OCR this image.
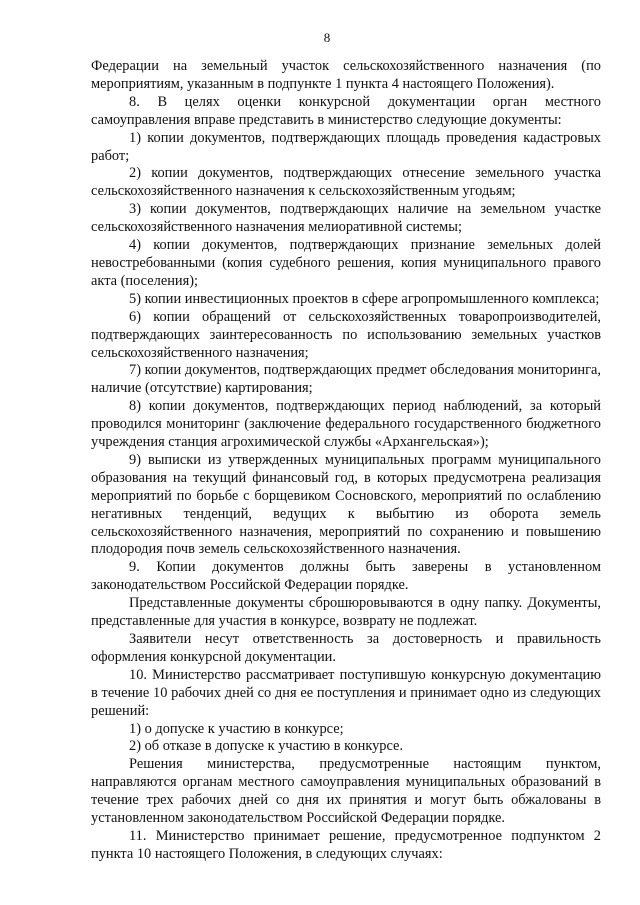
8

Федерации на земельный участок сельскохозяйственного назначения (по мероприятиям, указанным в подпункте 1 пункта 4 настоящего Положения).

8. В целях оценки конкурсной документации орган местного самоуправления вправе представить в министерство следующие документы:

1) копии документов, подтверждающих площадь проведения кадастровых работ;

2) копии документов, подтверждающих отнесение земельного участка сельскохозяйственного назначения к сельскохозяйственным угодьям;

3) копии документов, подтверждающих наличие на земельном участке сельскохозяйственного назначения мелиоративной системы;

4) копии документов, подтверждающих признание земельных долей невостребованными (копия судебного решения, копия муниципального правого акта (поселения);

5) копии инвестиционных проектов в сфере агропромышленного комплекса;

6) копии обращений от сельскохозяйственных товаропроизводителей, подтверждающих заинтересованность по использованию земельных участков сельскохозяйственного назначения;

7) копии документов, подтверждающих предмет обследования мониторинга, наличие (отсутствие) картирования;

8) копии документов, подтверждающих период наблюдений, за который проводился мониторинг (заключение федерального государственного бюджетного учреждения станция агрохимической службы «Архангельская»);

9) выписки из утвержденных муниципальных программ муниципального образования на текущий финансовый год, в которых предусмотрена реализация мероприятий по борьбе с борщевиком Сосновского, мероприятий по ослаблению негативных тенденций, ведущих к выбытию из оборота земель сельскохозяйственного назначения, мероприятий по сохранению и повышению плодородия почв земель сельскохозяйственного назначения.

9. Копии документов должны быть заверены в установленном законодательством Российской Федерации порядке.

Представленные документы сброшюровываются в одну папку. Документы, представленные для участия в конкурсе, возврату не подлежат.

Заявители несут ответственность за достоверность и правильность оформления конкурсной документации.

10. Министерство рассматривает поступившую конкурсную документацию в течение 10 рабочих дней со дня ее поступления и принимает одно из следующих решений:

1) о допуске к участию в конкурсе;

2) об отказе в допуске к участию в конкурсе.

Решения министерства, предусмотренные настоящим пунктом, направляются органам местного самоуправления муниципальных образований в течение трех рабочих дней со дня их принятия и могут быть обжалованы в установленном законодательством Российской Федерации порядке.

11. Министерство принимает решение, предусмотренное подпунктом 2 пункта 10 настоящего Положения, в следующих случаях:
